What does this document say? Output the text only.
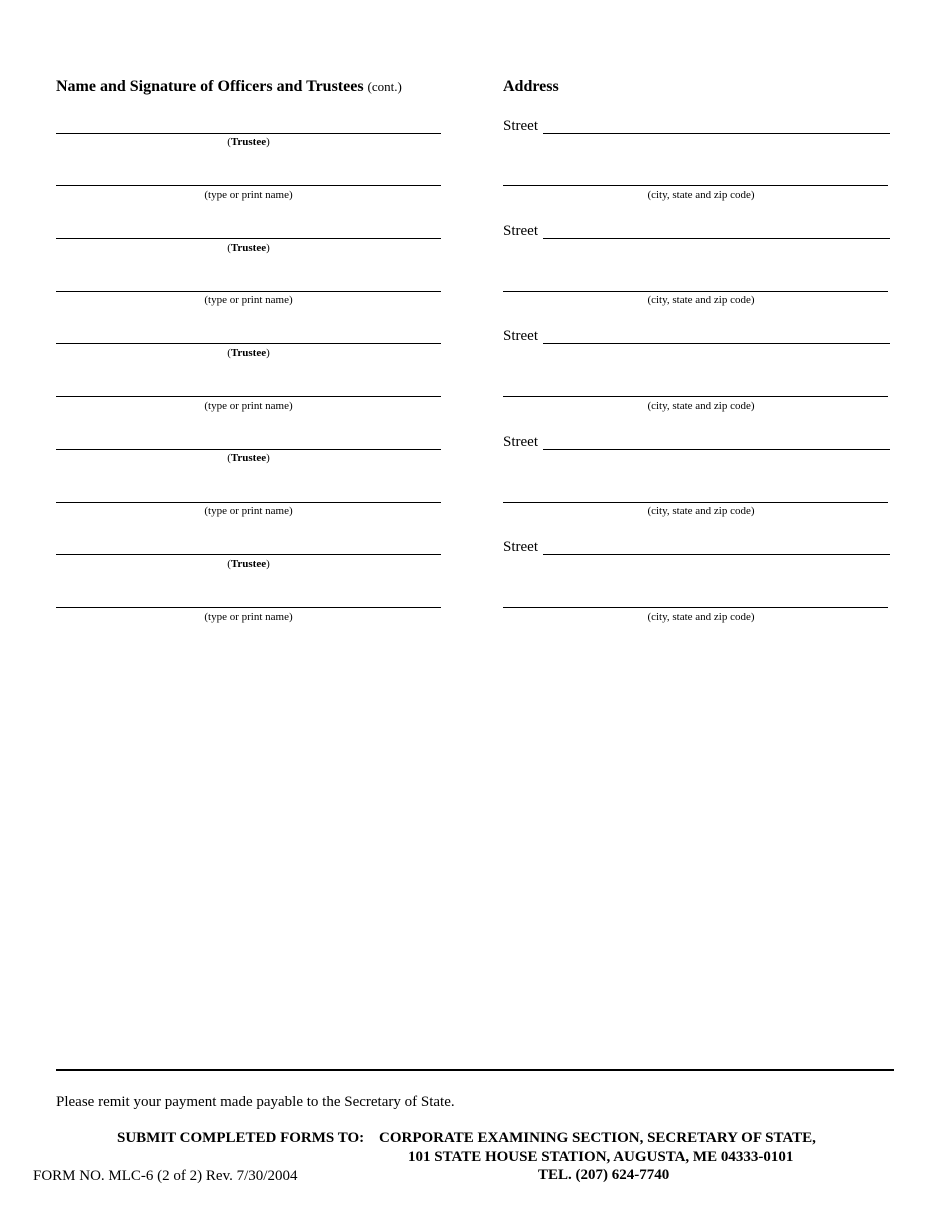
Name and Signature of Officers and Trustees (cont.)	Address
(Trustee)
(type or print name)
Street
(city, state and zip code)
(Trustee)
(type or print name)
Street
(city, state and zip code)
(Trustee)
(type or print name)
Street
(city, state and zip code)
(Trustee)
(type or print name)
Street
(city, state and zip code)
(Trustee)
(type or print name)
Street
(city, state and zip code)
Please remit your payment made payable to the Secretary of State.
SUBMIT COMPLETED FORMS TO: CORPORATE EXAMINING SECTION, SECRETARY OF STATE,
101 STATE HOUSE STATION, AUGUSTA, ME 04333-0101
TEL. (207) 624-7740
FORM NO. MLC-6 (2 of 2) Rev. 7/30/2004
